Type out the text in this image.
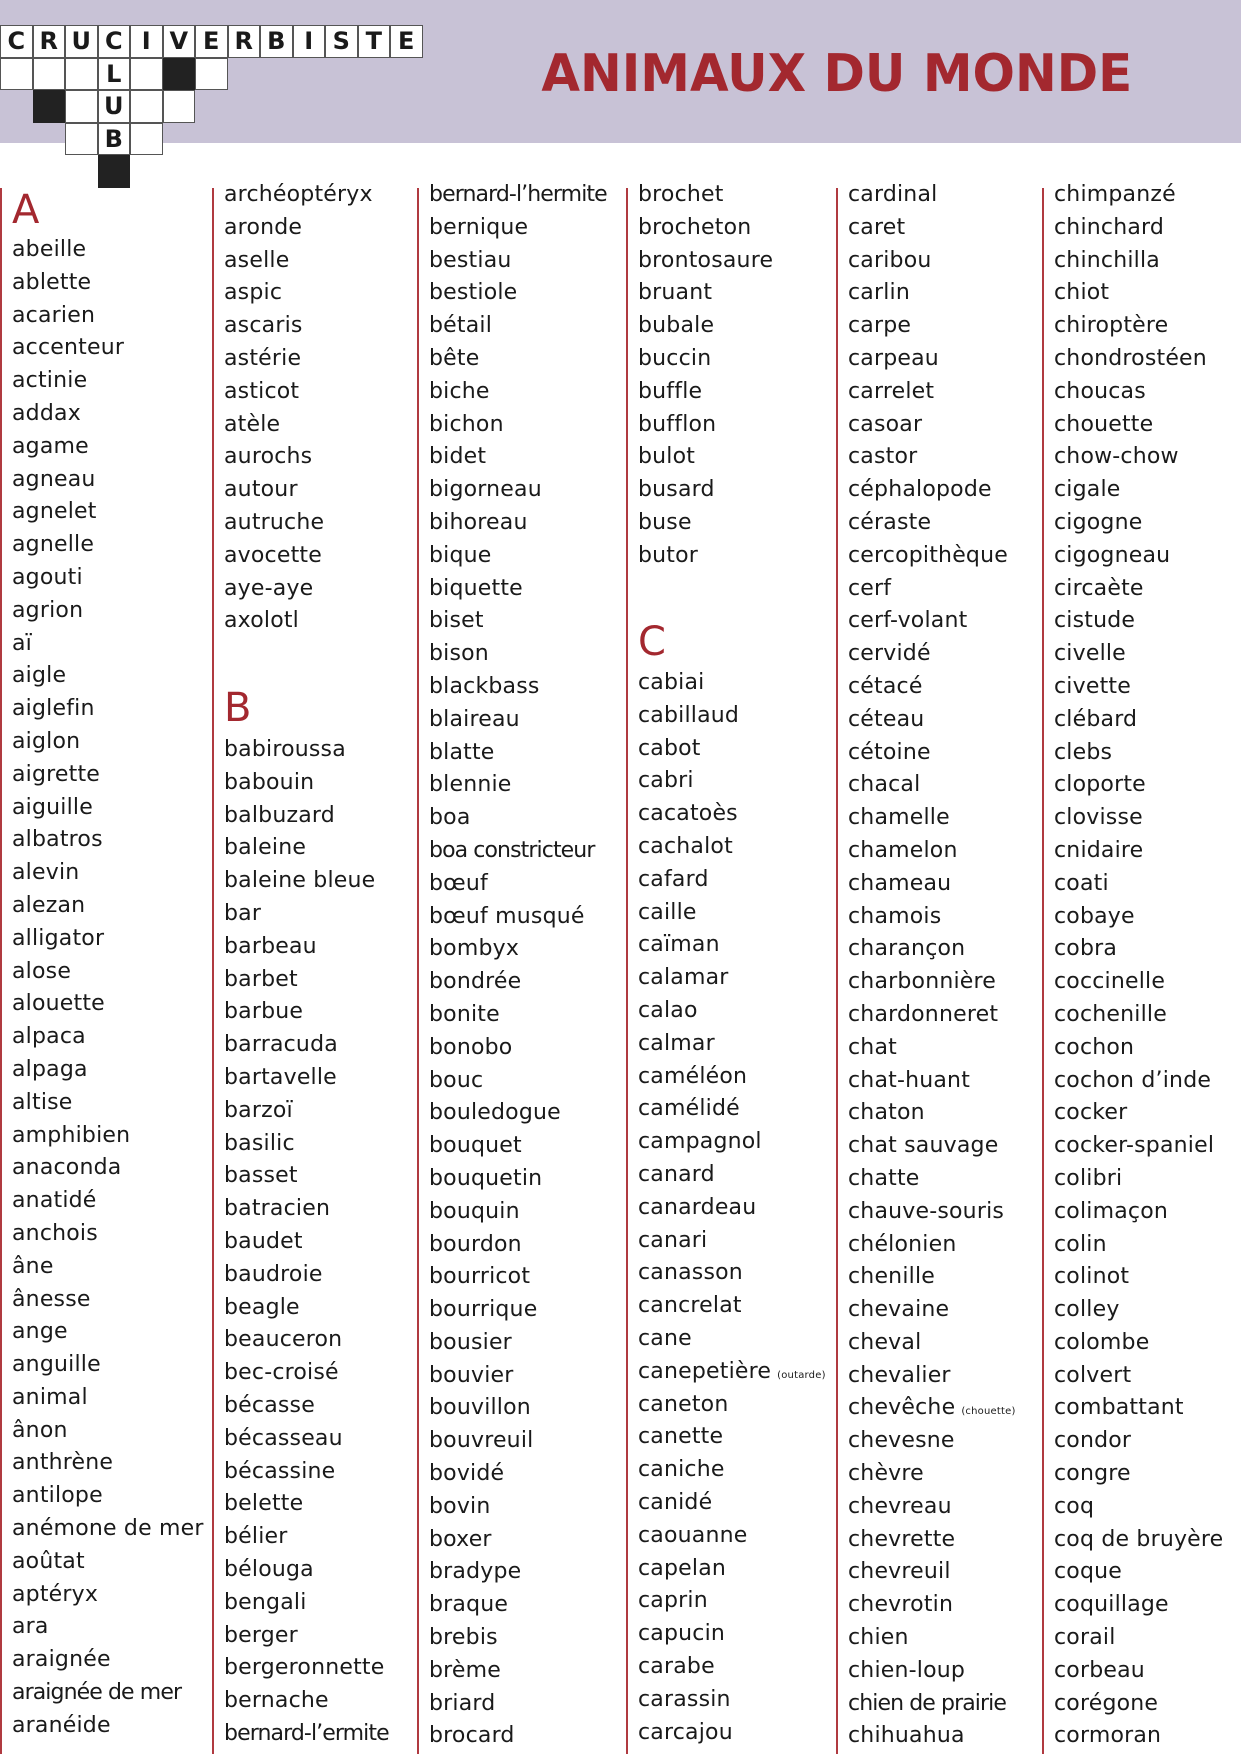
C R U C I V E R B I S T E
L
U
B
ANIMAUX DU MONDE
A
abeille
ablette
acarien
accenteur
actinie
addax
agame
agneau
agnelet
agnelle
agouti
agrion
aï
aigle
aiglefin
aiglon
aigrette
aiguille
albatros
alevin
alezan
alligator
alose
alouette
alpaca
alpaga
altise
amphibien
anaconda
anatidé
anchois
âne
ânesse
ange
anguille
animal
ânon
anthrène
antilope
anémone de mer
aoûtat
aptéryx
ara
araignée
araignée de mer
aranéide
archéoptéryx
aronde
aselle
aspic
ascaris
astérie
asticot
atèle
aurochs
autour
autruche
avocette
aye-aye
axolotl
B
babiroussa
babouin
balbuzard
baleine
baleine bleue
bar
barbeau
barbet
barbue
barracuda
bartavelle
barzoï
basilic
basset
batracien
baudet
baudroie
beagle
beauceron
bec-croisé
bécasse
bécasseau
bécassine
belette
bélier
bélouga
bengali
berger
bergeronnette
bernache
bernard-l’ermite
bernard-l’hermite
bernique
bestiau
bestiole
bétail
bête
biche
bichon
bidet
bigorneau
bihoreau
bique
biquette
biset
bison
blackbass
blaireau
blatte
blennie
boa
boa constricteur
bœuf
bœuf musqué
bombyx
bondrée
bonite
bonobo
bouc
bouledogue
bouquet
bouquetin
bouquin
bourdon
bourricot
bourrique
bousier
bouvier
bouvillon
bouvreuil
bovidé
bovin
boxer
bradype
braque
brebis
brème
briard
brocard
brochet
brocheton
brontosaure
bruant
bubale
buccin
buffle
bufflon
bulot
busard
buse
butor
C
cabiai
cabillaud
cabot
cabri
cacatoès
cachalot
cafard
caille
caïman
calamar
calao
calmar
caméléon
camélidé
campagnol
canard
canardeau
canari
canasson
cancrelat
cane
canepetière (outarde)
caneton
canette
caniche
canidé
caouanne
capelan
caprin
capucin
carabe
carassin
carcajou
cardinal
caret
caribou
carlin
carpe
carpeau
carrelet
casoar
castor
céphalopode
céraste
cercopithèque
cerf
cerf-volant
cervidé
cétacé
céteau
cétoine
chacal
chamelle
chamelon
chameau
chamois
charançon
charbonnière
chardonneret
chat
chat-huant
chaton
chat sauvage
chatte
chauve-souris
chélonien
chenille
chevaine
cheval
chevalier
chevêche (chouette)
chevesne
chèvre
chevreau
chevrette
chevreuil
chevrotin
chien
chien-loup
chien de prairie
chihuahua
chimpanzé
chinchard
chinchilla
chiot
chiroptère
chondrostéen
choucas
chouette
chow-chow
cigale
cigogne
cigogneau
circaète
cistude
civelle
civette
clébard
clebs
cloporte
clovisse
cnidaire
coati
cobaye
cobra
coccinelle
cochenille
cochon
cochon d’inde
cocker
cocker-spaniel
colibri
colimaçon
colin
colinot
colley
colombe
colvert
combattant
condor
congre
coq
coq de bruyère
coque
coquillage
corail
corbeau
corégone
cormoran
